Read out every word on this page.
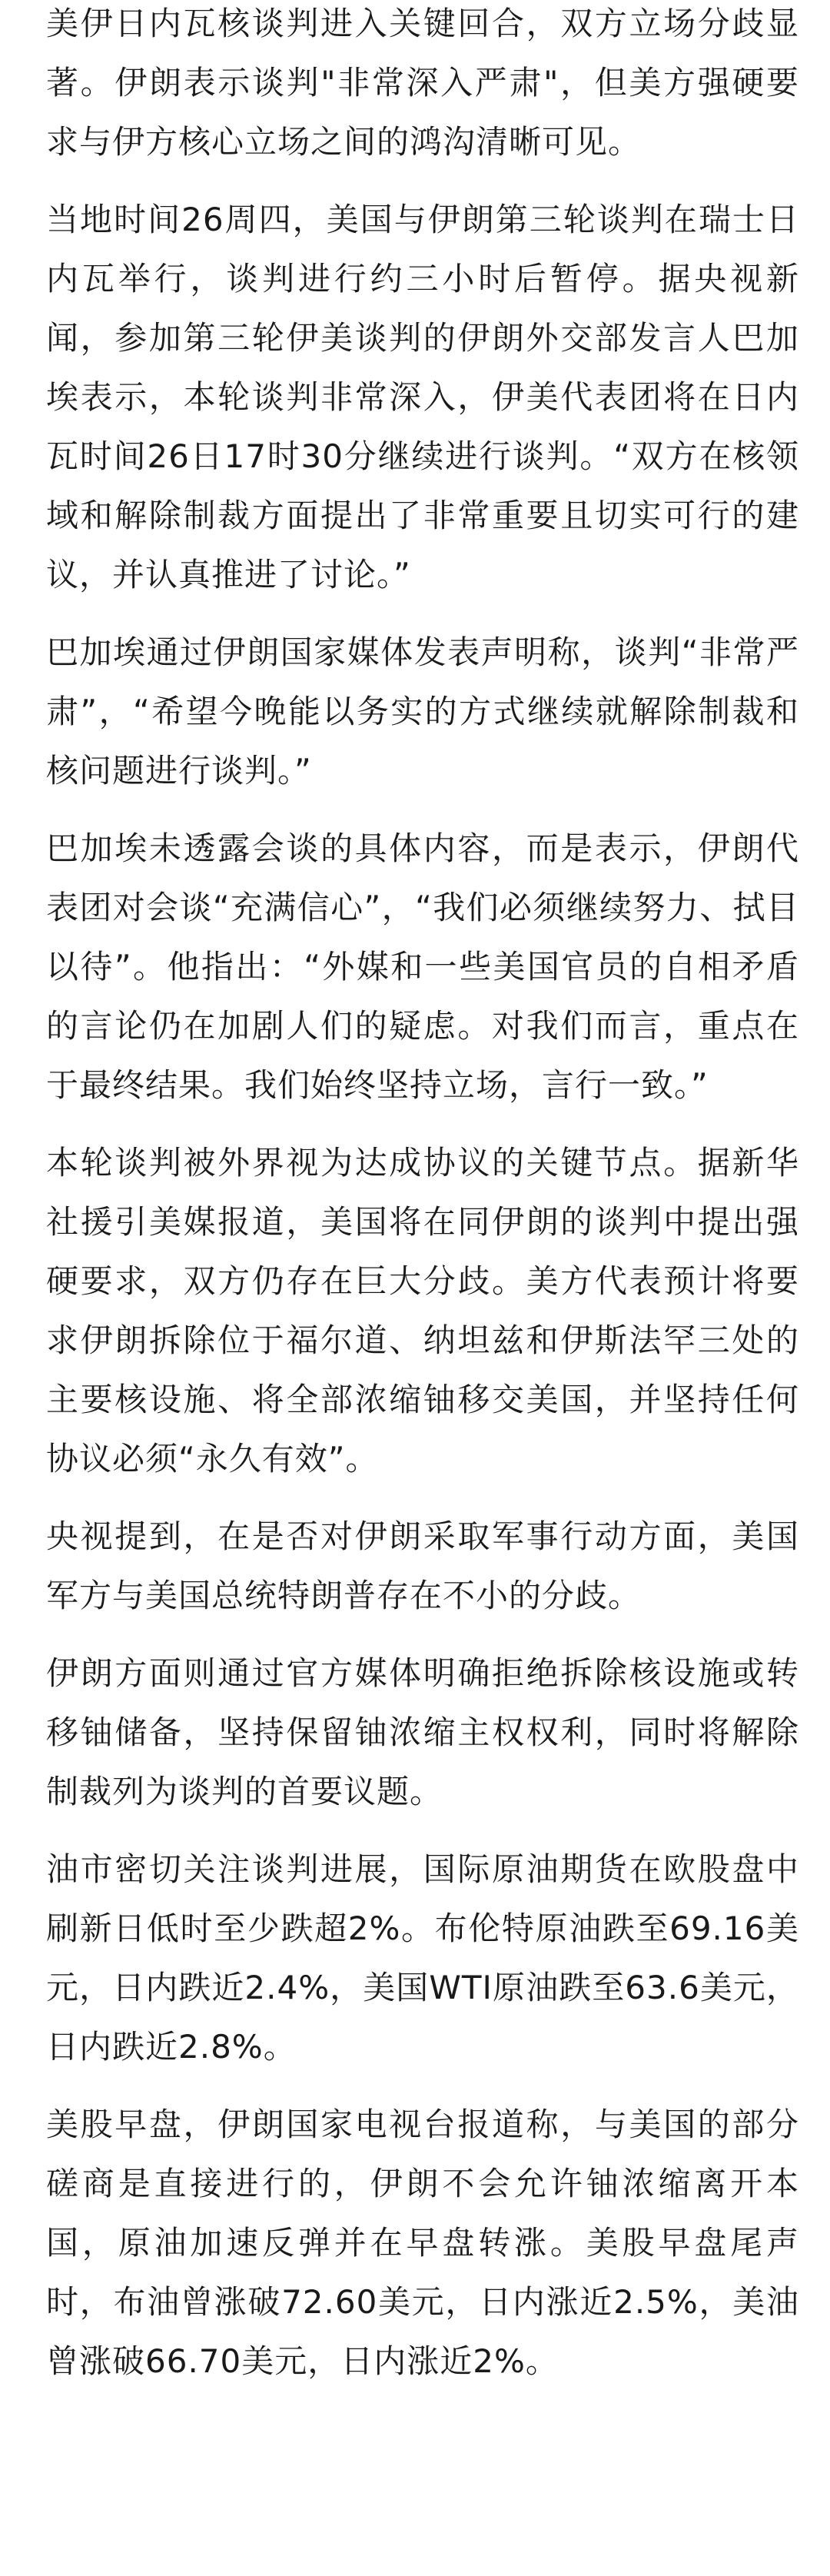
美伊日内瓦核谈判进入关键回合，双方立场分歧显著。伊朗表示谈判"非常深入严肃"，但美方强硬要求与伊方核心立场之间的鸿沟清晰可见。

当地时间26周四，美国与伊朗第三轮谈判在瑞士日内瓦举行，谈判进行约三小时后暂停。据央视新闻，参加第三轮伊美谈判的伊朗外交部发言人巴加埃表示，本轮谈判非常深入，伊美代表团将在日内瓦时间26日17时30分继续进行谈判。“双方在核领域和解除制裁方面提出了非常重要且切实可行的建议，并认真推进了讨论。”

巴加埃通过伊朗国家媒体发表声明称，谈判“非常严肃”，“希望今晚能以务实的方式继续就解除制裁和核问题进行谈判。”

巴加埃未透露会谈的具体内容，而是表示，伊朗代表团对会谈“充满信心”，“我们必须继续努力、拭目以待”。他指出：“外媒和一些美国官员的自相矛盾的言论仍在加剧人们的疑虑。对我们而言，重点在于最终结果。我们始终坚持立场，言行一致。”

本轮谈判被外界视为达成协议的关键节点。据新华社援引美媒报道，美国将在同伊朗的谈判中提出强硬要求，双方仍存在巨大分歧。美方代表预计将要求伊朗拆除位于福尔道、纳坦兹和伊斯法罕三处的主要核设施、将全部浓缩铀移交美国，并坚持任何协议必须“永久有效”。

央视提到，在是否对伊朗采取军事行动方面，美国军方与美国总统特朗普存在不小的分歧。

伊朗方面则通过官方媒体明确拒绝拆除核设施或转移铀储备，坚持保留铀浓缩主权权利，同时将解除制裁列为谈判的首要议题。

油市密切关注谈判进展，国际原油期货在欧股盘中刷新日低时至少跌超2%。布伦特原油跌至69.16美元，日内跌近2.4%，美国WTI原油跌至63.6美元，日内跌近2.8%。

美股早盘，伊朗国家电视台报道称，与美国的部分磋商是直接进行的，伊朗不会允许铀浓缩离开本国，原油加速反弹并在早盘转涨。美股早盘尾声时，布油曾涨破72.60美元，日内涨近2.5%，美油曾涨破66.70美元，日内涨近2%。
